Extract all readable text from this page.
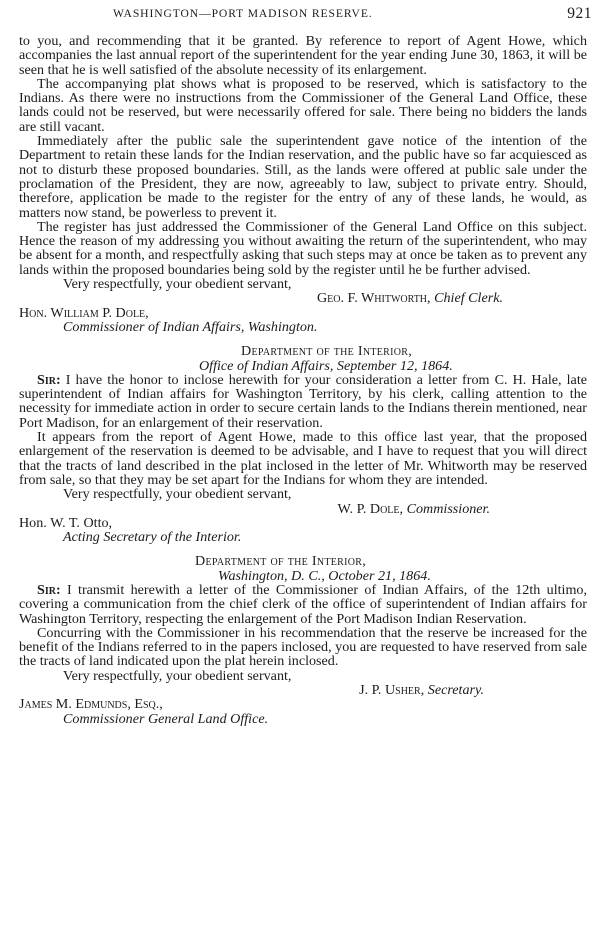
WASHINGTON—PORT MADISON RESERVE.	921

to you, and recommending that it be granted. By reference to report of Agent Howe, which accompanies the last annual report of the superintendent for the year ending June 30, 1863, it will be seen that he is well satisfied of the absolute necessity of its enlargement.

The accompanying plat shows what is proposed to be reserved, which is satisfactory to the Indians. As there were no instructions from the Commissioner of the General Land Office, these lands could not be reserved, but were necessarily offered for sale. There being no bidders the lands are still vacant.

Immediately after the public sale the superintendent gave notice of the intention of the Department to retain these lands for the Indian reservation, and the public have so far acquiesced as not to disturb these proposed boundaries. Still, as the lands were offered at public sale under the proclamation of the President, they are now, agreeably to law, subject to private entry. Should, therefore, application be made to the register for the entry of any of these lands, he would, as matters now stand, be powerless to prevent it.

The register has just addressed the Commissioner of the General Land Office on this subject. Hence the reason of my addressing you without awaiting the return of the superintendent, who may be absent for a month, and respectfully asking that such steps may at once be taken as to prevent any lands within the proposed boundaries being sold by the register until he be further advised.

Very respectfully, your obedient servant,
Geo. F. Whitworth, Chief Clerk.
Hon. William P. Dole,
Commissioner of Indian Affairs, Washington.
Department of the Interior,
Office of Indian Affairs, September 12, 1864.

Sir: I have the honor to inclose herewith for your consideration a letter from C. H. Hale, late superintendent of Indian affairs for Washington Territory, by his clerk, calling attention to the necessity for immediate action in order to secure certain lands to the Indians therein mentioned, near Port Madison, for an enlargement of their reservation.

It appears from the report of Agent Howe, made to this office last year, that the proposed enlargement of the reservation is deemed to be advisable, and I have to request that you will direct that the tracts of land described in the plat inclosed in the letter of Mr. Whitworth may be reserved from sale, so that they may be set apart for the Indians for whom they are intended.

Very respectfully, your obedient servant,
W. P. Dole, Commissioner.
Hon. W. T. Otto,
Acting Secretary of the Interior.
Department of the Interior,
Washington, D. C., October 21, 1864.

Sir: I transmit herewith a letter of the Commissioner of Indian Affairs, of the 12th ultimo, covering a communication from the chief clerk of the office of superintendent of Indian affairs for Washington Territory, respecting the enlargement of the Port Madison Indian Reservation.

Concurring with the Commissioner in his recommendation that the reserve be increased for the benefit of the Indians referred to in the papers inclosed, you are requested to have reserved from sale the tracts of land indicated upon the plat herein inclosed.

Very respectfully, your obedient servant,
J. P. Usher, Secretary.
James M. Edmunds, Esq.,
Commissioner General Land Office.
